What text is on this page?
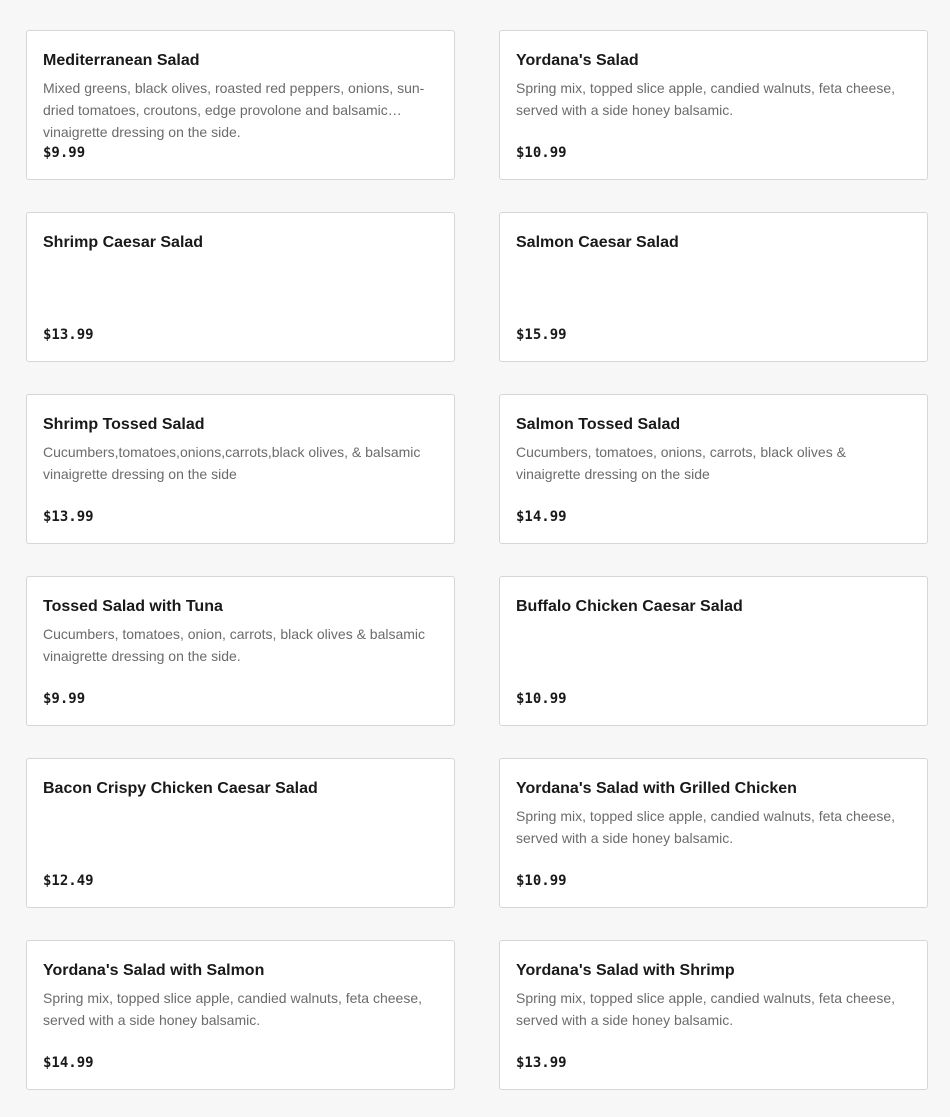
Mediterranean Salad
Mixed greens, black olives, roasted red peppers, onions, sun-dried tomatoes, croutons, edge provolone and balsamic vinaigrette dressing on the side.
$9.99
Yordana's Salad
Spring mix, topped slice apple, candied walnuts, feta cheese, served with a side honey balsamic.
$10.99
Shrimp Caesar Salad
$13.99
Salmon Caesar Salad
$15.99
Shrimp Tossed Salad
Cucumbers,tomatoes,onions,carrots,black olives, & balsamic vinaigrette dressing on the side
$13.99
Salmon Tossed Salad
Cucumbers, tomatoes, onions, carrots, black olives & vinaigrette dressing on the side
$14.99
Tossed Salad with Tuna
Cucumbers, tomatoes, onion, carrots, black olives & balsamic vinaigrette dressing on the side.
$9.99
Buffalo Chicken Caesar Salad
$10.99
Bacon Crispy Chicken Caesar Salad
$12.49
Yordana's Salad with Grilled Chicken
Spring mix, topped slice apple, candied walnuts, feta cheese, served with a side honey balsamic.
$10.99
Yordana's Salad with Salmon
Spring mix, topped slice apple, candied walnuts, feta cheese, served with a side honey balsamic.
$14.99
Yordana's Salad with Shrimp
Spring mix, topped slice apple, candied walnuts, feta cheese, served with a side honey balsamic.
$13.99
